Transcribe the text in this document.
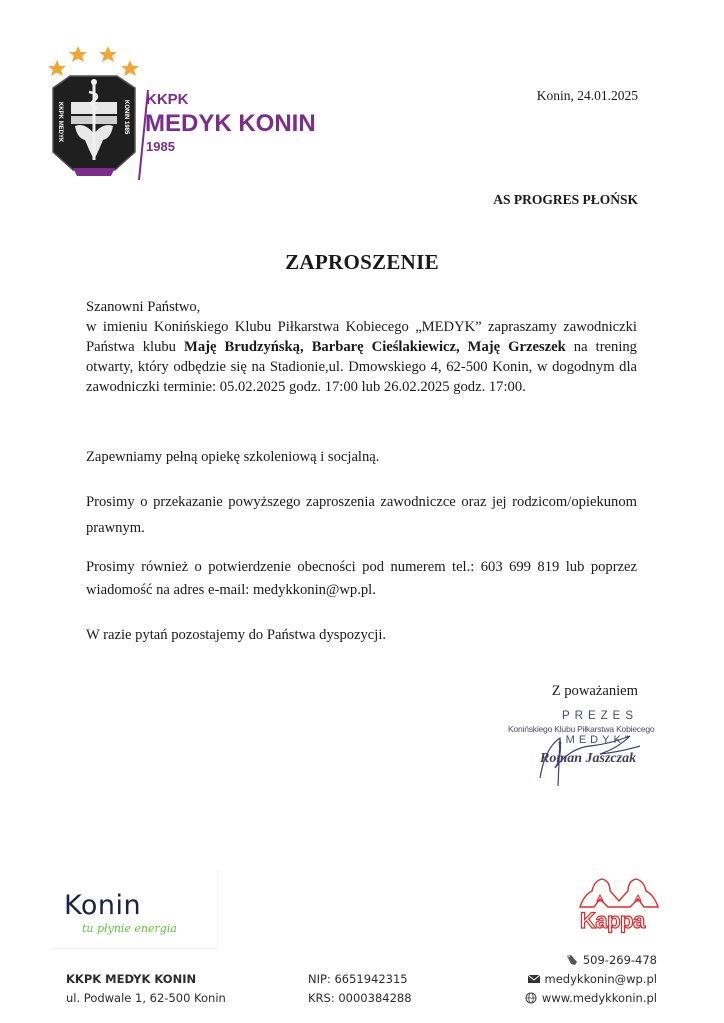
KKPK MEDYK	KONIN 1985
KKPK
MEDYK KONIN
1985
Konin, 24.01.2025
AS PROGRES PŁOŃSK
ZAPROSZENIE
Szanowni Państwo,
w imieniu Konińskiego Klubu Piłkarstwa Kobiecego „MEDYK” zapraszamy zawodniczki Państwa klubu Maję Brudzyńską, Barbarę Cieślakiewicz, Maję Grzeszek na trening otwarty, który odbędzie się na Stadionie,ul. Dmowskiego 4, 62-500 Konin, w dogodnym dla zawodniczki terminie: 05.02.2025 godz. 17:00 lub 26.02.2025 godz. 17:00.
Zapewniamy pełną opiekę szkoleniową i socjalną.
Prosimy o przekazanie powyższego zaproszenia zawodniczce oraz jej rodzicom/opiekunom prawnym.
Prosimy również o potwierdzenie obecności pod numerem tel.: 603 699 819 lub poprzez wiadomość na adres e-mail: medykkonin@wp.pl.
W razie pytań pozostajemy do Państwa dyspozycji.
Z poważaniem
PREZES
Konińskiego Klubu Piłkarstwa Kobiecego
„MEDYK”
Roman Jaszczak
Konin
tu płynie energia	Kappa
KKPK MEDYK KONIN
ul. Podwale 1, 62-500 Konin
NIP: 6651942315
KRS: 0000384288
509-269-478
medykkonin@wp.pl
www.medykkonin.pl
